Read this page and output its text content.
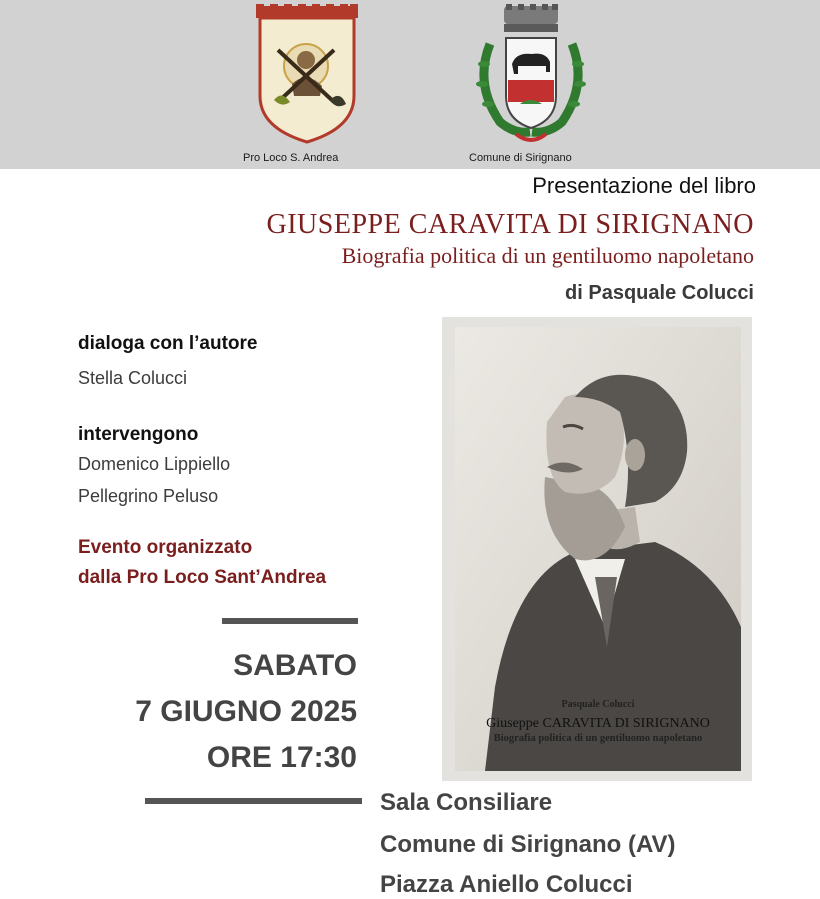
Pro Loco S. Andrea	Comune di Sirignano
Presentazione del libro
GIUSEPPE CARAVITA DI SIRIGNANO
Biografia politica di un gentiluomo napoletano
di Pasquale Colucci
dialoga con l’autore
Stella Colucci
intervengono
Domenico Lippiello
Pellegrino Peluso
Evento organizzato
dalla Pro Loco Sant’Andrea
SABATO
7 GIUGNO 2025
ORE 17:30
Sala Consiliare
Comune di Sirignano (AV)
Piazza Aniello Colucci
Pasquale Colucci
Giuseppe CARAVITA DI SIRIGNANO
Biografia politica di un gentiluomo napoletano
